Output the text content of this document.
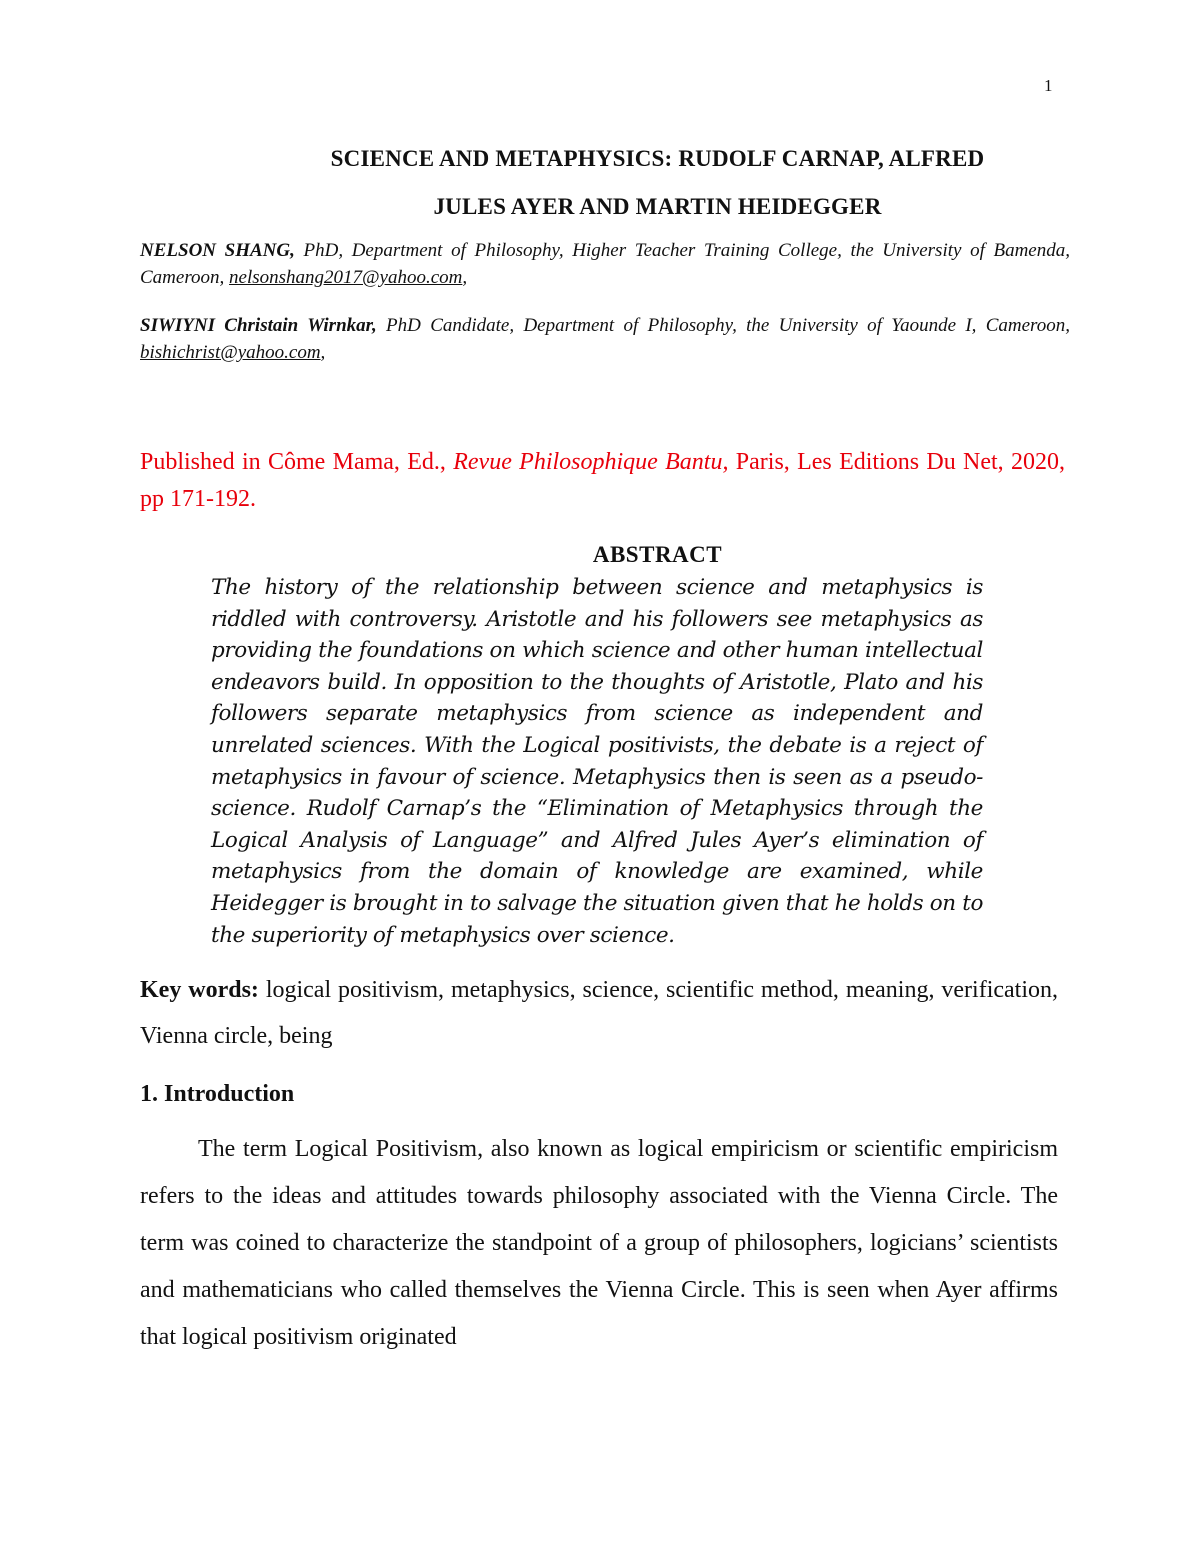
1
SCIENCE AND METAPHYSICS: RUDOLF CARNAP, ALFRED
JULES AYER AND MARTIN HEIDEGGER
NELSON SHANG, PhD, Department of Philosophy, Higher Teacher Training College, the University of Bamenda, Cameroon, nelsonshang2017@yahoo.com,
SIWIYNI Christain Wirnkar, PhD Candidate, Department of Philosophy, the University of Yaounde I, Cameroon, bishichrist@yahoo.com,
Published in Côme Mama, Ed., Revue Philosophique Bantu, Paris, Les Editions Du Net, 2020, pp 171-192.
ABSTRACT
The history of the relationship between science and metaphysics is riddled with controversy. Aristotle and his followers see metaphysics as providing the foundations on which science and other human intellectual endeavors build. In opposition to the thoughts of Aristotle, Plato and his followers separate metaphysics from science as independent and unrelated sciences. With the Logical positivists, the debate is a reject of metaphysics in favour of science. Metaphysics then is seen as a pseudo-science. Rudolf Carnap’s the “Elimination of Metaphysics through the Logical Analysis of Language” and Alfred Jules Ayer’s elimination of metaphysics from the domain of knowledge are examined, while Heidegger is brought in to salvage the situation given that he holds on to the superiority of metaphysics over science.
Key words: logical positivism, metaphysics, science, scientific method, meaning, verification, Vienna circle, being
1. Introduction
The term Logical Positivism, also known as logical empiricism or scientific empiricism refers to the ideas and attitudes towards philosophy associated with the Vienna Circle. The term was coined to characterize the standpoint of a group of philosophers, logicians’ scientists and mathematicians who called themselves the Vienna Circle. This is seen when Ayer affirms that logical positivism originated
